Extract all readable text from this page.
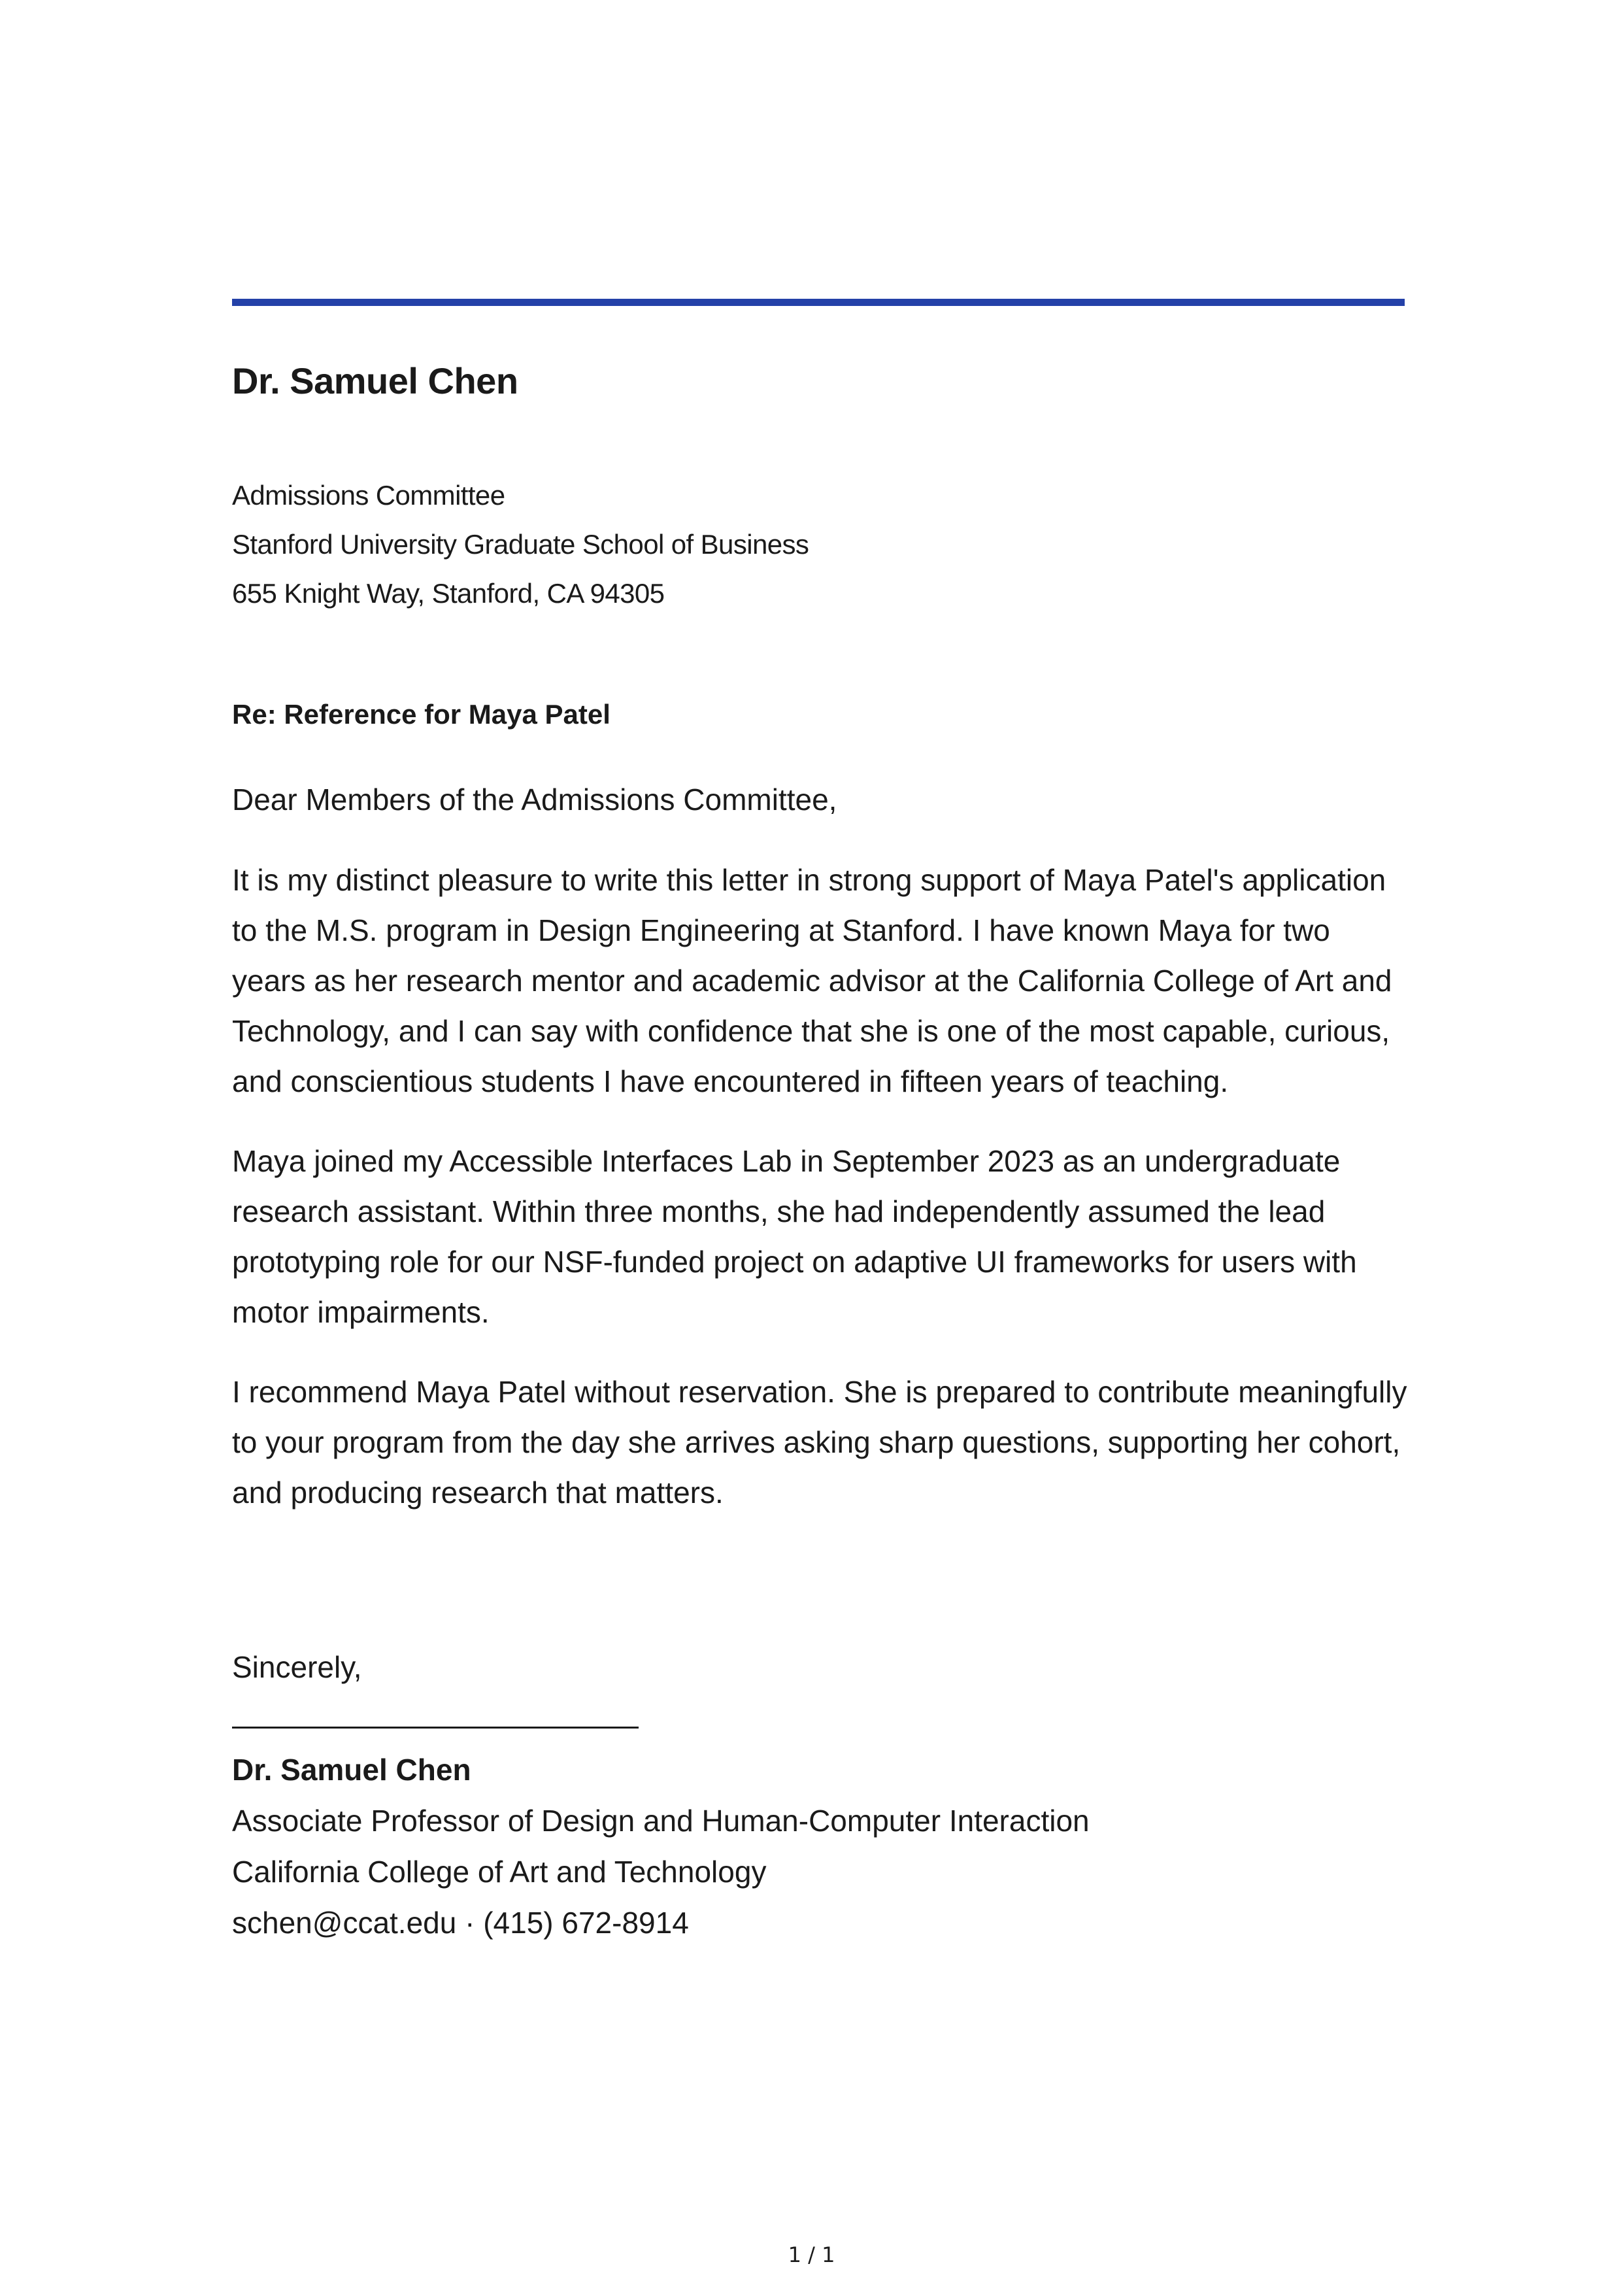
Dr. Samuel Chen
Admissions Committee
Stanford University Graduate School of Business
655 Knight Way, Stanford, CA 94305
Re: Reference for Maya Patel

Dear Members of the Admissions Committee,

It is my distinct pleasure to write this letter in strong support of Maya Patel's application to the M.S. program in Design Engineering at Stanford. I have known Maya for two years as her research mentor and academic advisor at the California College of Art and Technology, and I can say with confidence that she is one of the most capable, curious, and conscientious students I have encountered in fifteen years of teaching.

Maya joined my Accessible Interfaces Lab in September 2023 as an undergraduate research assistant. Within three months, she had independently assumed the lead prototyping role for our NSF-funded project on adaptive UI frameworks for users with motor impairments.

I recommend Maya Patel without reservation. She is prepared to contribute meaningfully to your program from the day she arrives asking sharp questions, supporting her cohort, and producing research that matters.

Sincerely,

Dr. Samuel Chen
Associate Professor of Design and Human-Computer Interaction
California College of Art and Technology
schen@ccat.edu · (415) 672-8914
1 / 1
